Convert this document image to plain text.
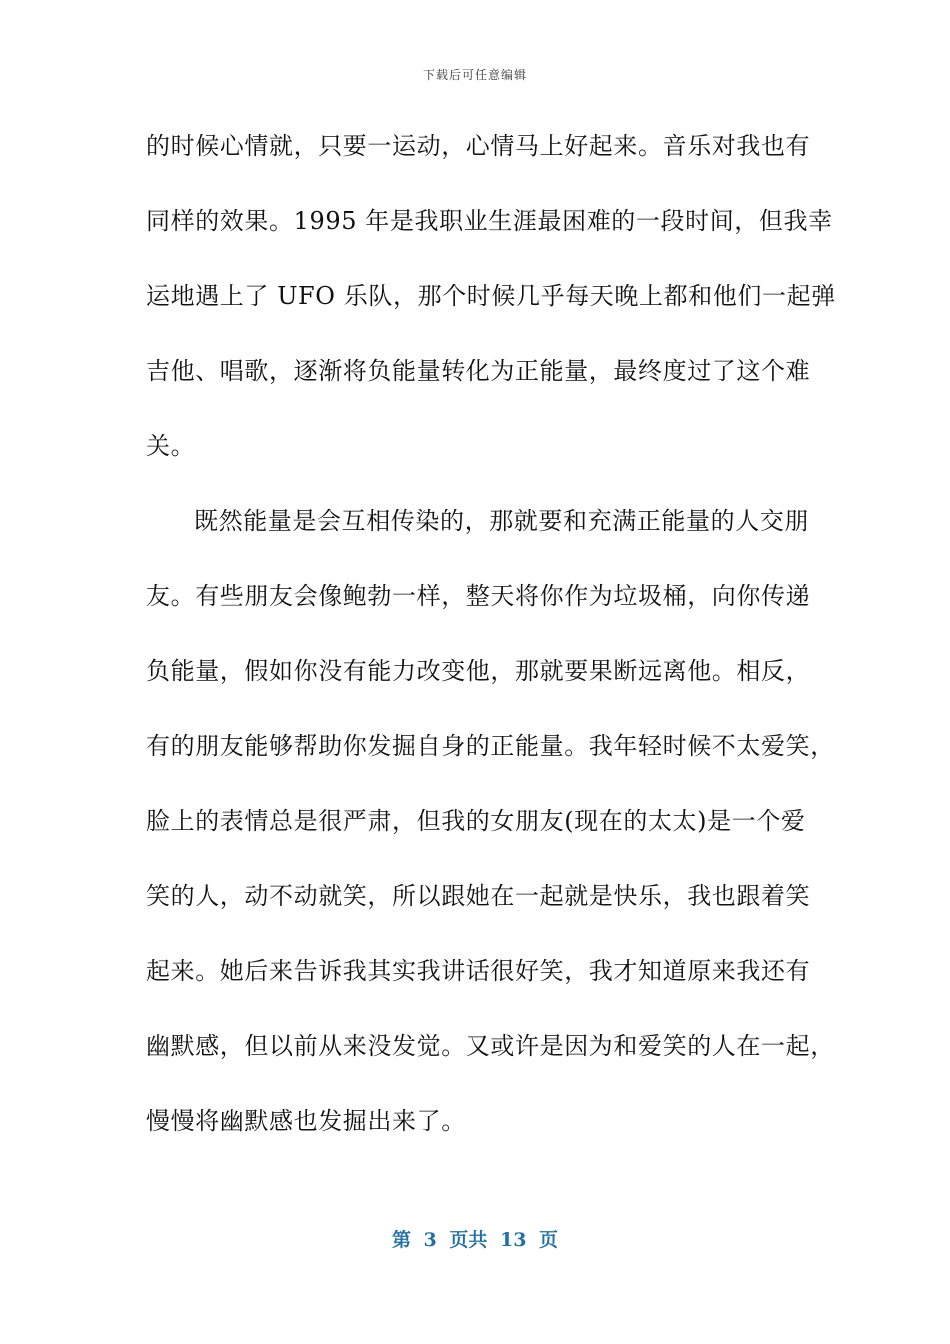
下载后可任意编辑
的时候心情就，只要一运动，心情马上好起来。音乐对我也有
同样的效果。1995 年是我职业生涯最困难的一段时间，但我幸
运地遇上了 UFO 乐队，那个时候几乎每天晚上都和他们一起弹
吉他、唱歌，逐渐将负能量转化为正能量，最终度过了这个难
关。
既然能量是会互相传染的，那就要和充满正能量的人交朋
友。有些朋友会像鲍勃一样，整天将你作为垃圾桶，向你传递
负能量，假如你没有能力改变他，那就要果断远离他。相反，
有的朋友能够帮助你发掘自身的正能量。我年轻时候不太爱笑，
脸上的表情总是很严肃，但我的女朋友(现在的太太)是一个爱
笑的人，动不动就笑，所以跟她在一起就是快乐，我也跟着笑
起来。她后来告诉我其实我讲话很好笑，我才知道原来我还有
幽默感，但以前从来没发觉。又或许是因为和爱笑的人在一起，
慢慢将幽默感也发掘出来了。
第 3 页共 13 页
